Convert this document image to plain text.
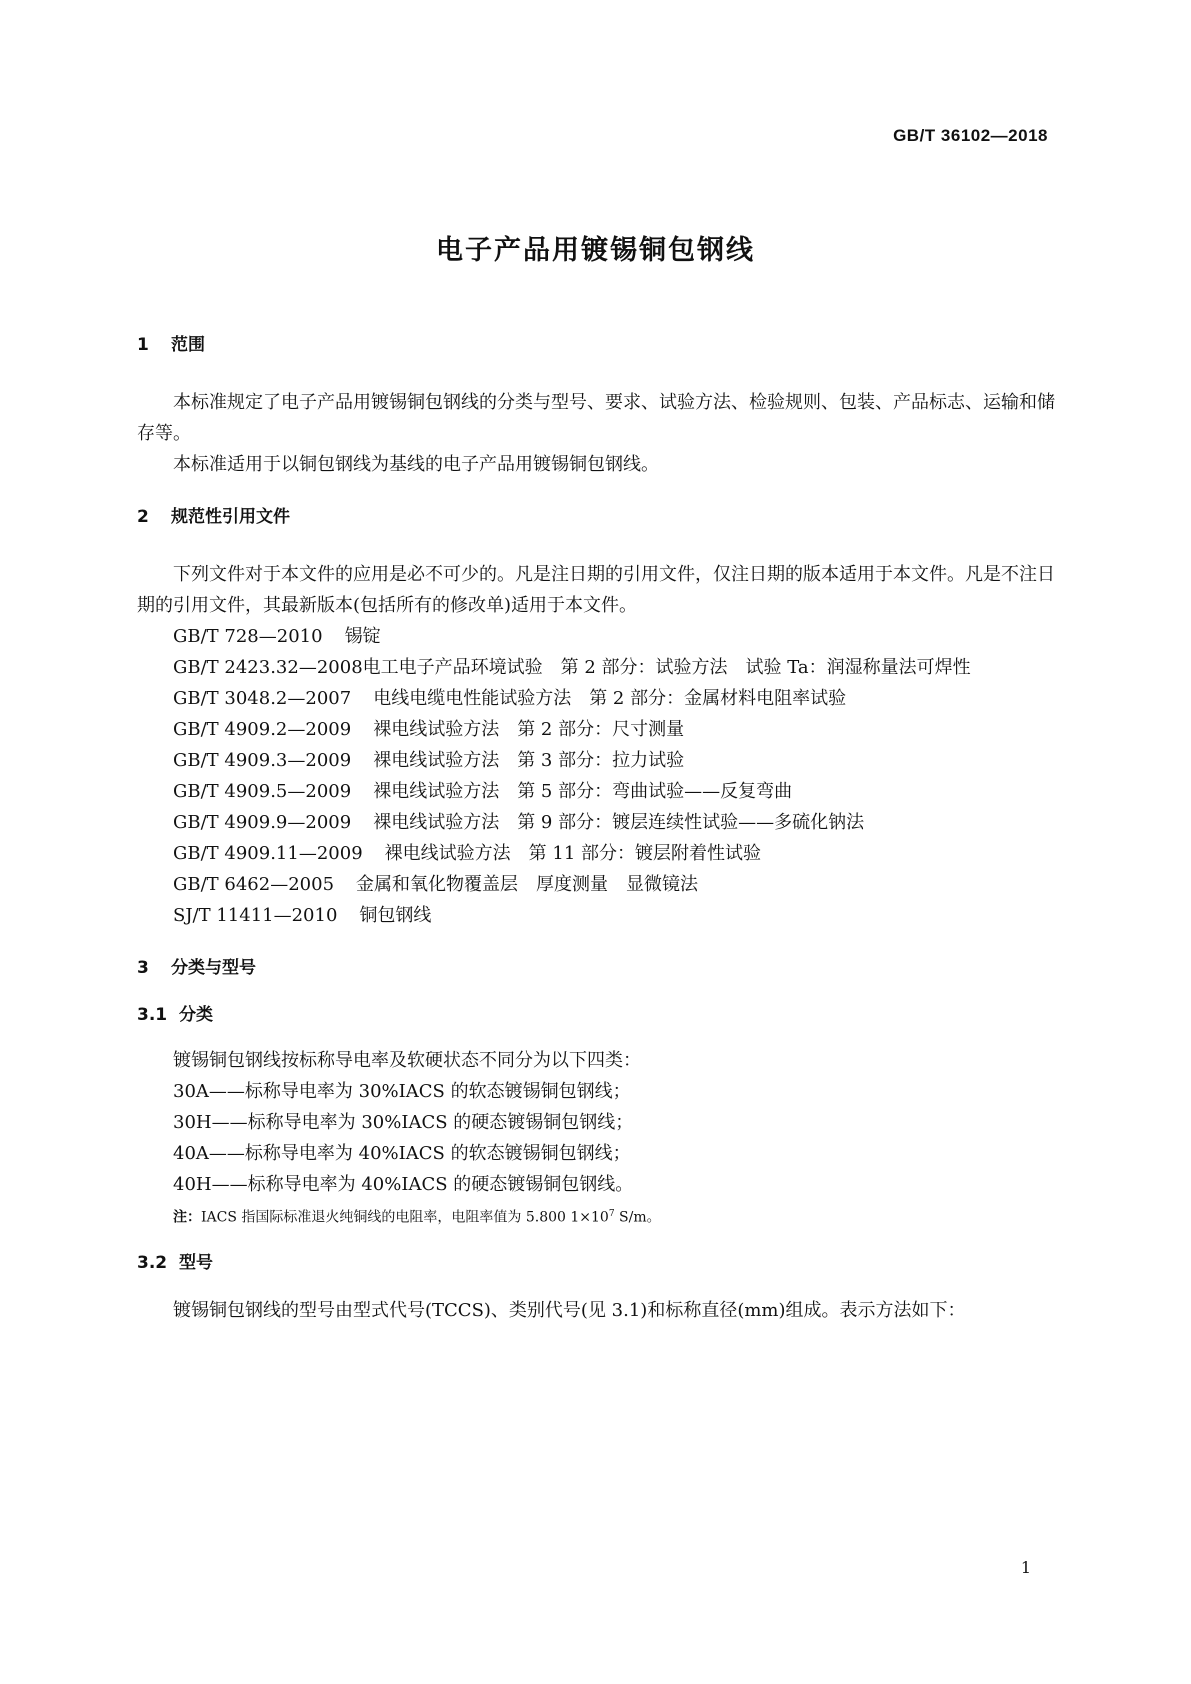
GB/T 36102—2018
电子产品用镀锡铜包钢线
1 范围

本标准规定了电子产品用镀锡铜包钢线的分类与型号、要求、试验方法、检验规则、包装、产品标志、运输和储存等。

本标准适用于以铜包钢线为基线的电子产品用镀锡铜包钢线。

2 规范性引用文件

下列文件对于本文件的应用是必不可少的。凡是注日期的引用文件，仅注日期的版本适用于本文件。凡是不注日期的引用文件，其最新版本(包括所有的修改单)适用于本文件。

GB/T 728—2010 锡锭

GB/T 2423.32—2008电工电子产品环境试验　第 2 部分：试验方法　试验 Ta：润湿称量法可焊性

GB/T 3048.2—2007 电线电缆电性能试验方法　第 2 部分：金属材料电阻率试验

GB/T 4909.2—2009 裸电线试验方法　第 2 部分：尺寸测量

GB/T 4909.3—2009 裸电线试验方法　第 3 部分：拉力试验

GB/T 4909.5—2009 裸电线试验方法　第 5 部分：弯曲试验——反复弯曲

GB/T 4909.9—2009 裸电线试验方法　第 9 部分：镀层连续性试验——多硫化钠法

GB/T 4909.11—2009 裸电线试验方法　第 11 部分：镀层附着性试验

GB/T 6462—2005 金属和氧化物覆盖层　厚度测量　显微镜法

SJ/T 11411—2010 铜包钢线

3 分类与型号
3.1 分类

镀锡铜包钢线按标称导电率及软硬状态不同分为以下四类：

30A——标称导电率为 30%IACS 的软态镀锡铜包钢线；

30H——标称导电率为 30%IACS 的硬态镀锡铜包钢线；

40A——标称导电率为 40%IACS 的软态镀锡铜包钢线；

40H——标称导电率为 40%IACS 的硬态镀锡铜包钢线。

注：IACS 指国际标准退火纯铜线的电阻率，电阻率值为 5.800 $1\times 10^7$ S/m。

3.2 型号

镀锡铜包钢线的型号由型式代号(TCCS)、类别代号(见 3.1)和标称直径(mm)组成。表示方法如下：

1
